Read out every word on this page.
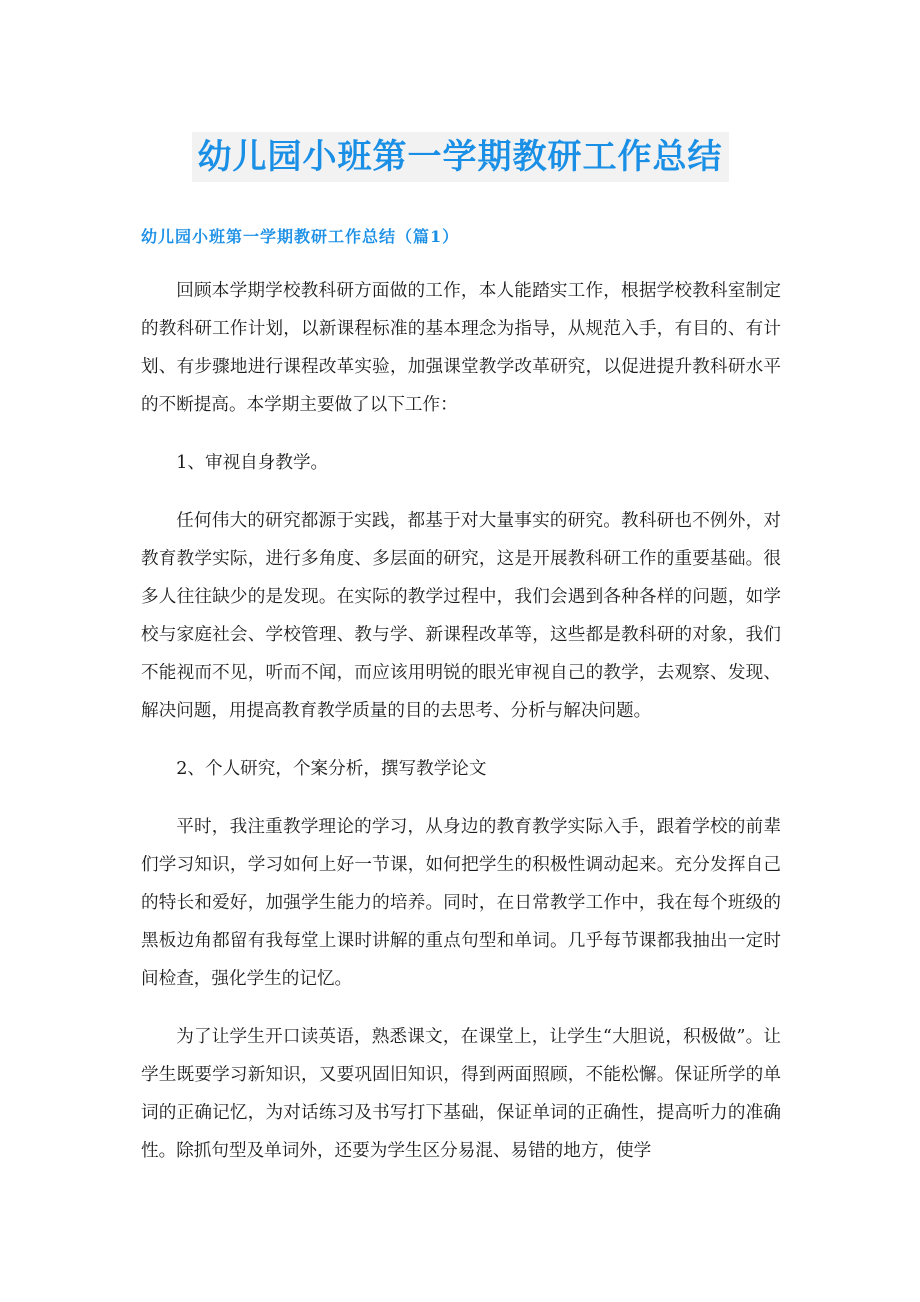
幼儿园小班第一学期教研工作总结
幼儿园小班第一学期教研工作总结（篇1）

回顾本学期学校教科研方面做的工作，本人能踏实工作，根据学校教科室制定的教科研工作计划，以新课程标准的基本理念为指导，从规范入手，有目的、有计划、有步骤地进行课程改革实验，加强课堂教学改革研究，以促进提升教科研水平的不断提高。本学期主要做了以下工作：

1、审视自身教学。

任何伟大的研究都源于实践，都基于对大量事实的研究。教科研也不例外，对教育教学实际，进行多角度、多层面的研究，这是开展教科研工作的重要基础。很多人往往缺少的是发现。在实际的教学过程中，我们会遇到各种各样的问题，如学校与家庭社会、学校管理、教与学、新课程改革等，这些都是教科研的对象，我们不能视而不见，听而不闻，而应该用明锐的眼光审视自己的教学，去观察、发现、解决问题，用提高教育教学质量的目的去思考、分析与解决问题。

2、个人研究，个案分析，撰写教学论文

平时，我注重教学理论的学习，从身边的教育教学实际入手，跟着学校的前辈们学习知识，学习如何上好一节课，如何把学生的积极性调动起来。充分发挥自己的特长和爱好，加强学生能力的培养。同时，在日常教学工作中，我在每个班级的黑板边角都留有我每堂上课时讲解的重点句型和单词。几乎每节课都我抽出一定时间检查，强化学生的记忆。

为了让学生开口读英语，熟悉课文，在课堂上，让学生“大胆说，积极做”。让学生既要学习新知识，又要巩固旧知识，得到两面照顾，不能松懈。保证所学的单词的正确记忆，为对话练习及书写打下基础，保证单词的正确性，提高听力的准确性。除抓句型及单词外，还要为学生区分易混、易错的地方，使学
